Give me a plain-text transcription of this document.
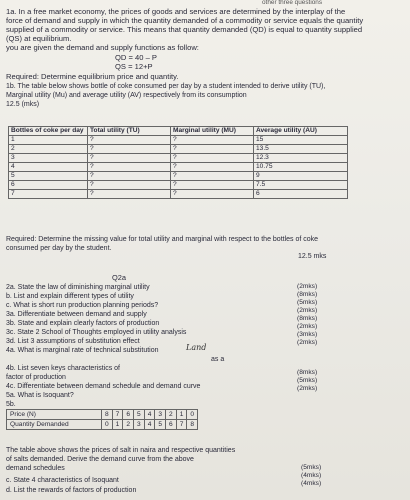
other three questions
1a. In a free market economy, the prices of goods and services are determined by the interplay of the
force of demand and supply in which the quantity demanded of a commodity or service equals the quantity
supplied of a commodity or service. This means that quantity demanded (QD) is equal to quantity supplied
(QS) at equilibrium.
you are given the demand and supply functions as follow:
QD = 40 – P
QS = 12+P
Required: Determine equilibrium price and quantity.
1b. The table below shows bottle of coke consumed per day by a student intended to derive utility (TU),
Marginal utility (Mu) and average utility (AV) respectively from its consumption
12.5 (mks)
Bottles of coke per day	Total utility (TU)	Marginal utility (MU)	Average utility (AU)
1	?	?	15
2	?	?	13.5
3	?	?	12.3
4	?	?	10.75
5	?	?	9
6	?	?	7.5
7	?	?	6
Required: Determine the missing value for total utility and marginal with respect to the bottles of coke
consumed per day by the student.
12.5 mks
Q2a
2a. State the law of diminishing marginal utility
b. List and explain different types of utility
c. What is short run production planning periods?
3a. Differentiate between demand and supply
3b. State and explain clearly factors of production
3c. State 2 School of Thoughts employed in utility analysis
3d. List 3 assumptions of substitution effect
4a. What is marginal rate of technical substitution	Land
as a
4b. List seven keys characteristics of
factor of production
4c. Differentiate between demand schedule and demand curve
5a. What is Isoquant?
(2mks)
(8mks)
(5mks)
(2mks)
(8mks)
(2mks)
(3mks)
(2mks)
(8mks)
(5mks)
(2mks)
5b.
Price (N)	8	7	6	5	4	3	2	1	0
Quantity Demanded	0	1	2	3	4	5	6	7	8
The table above shows the prices of salt in naira and respective quantities
of salts demanded. Derive the demand curve from the above
demand schedules
c. State 4 characteristics of Isoquant
d. List the rewards of factors of production
(5mks)
(4mks)
(4mks)
